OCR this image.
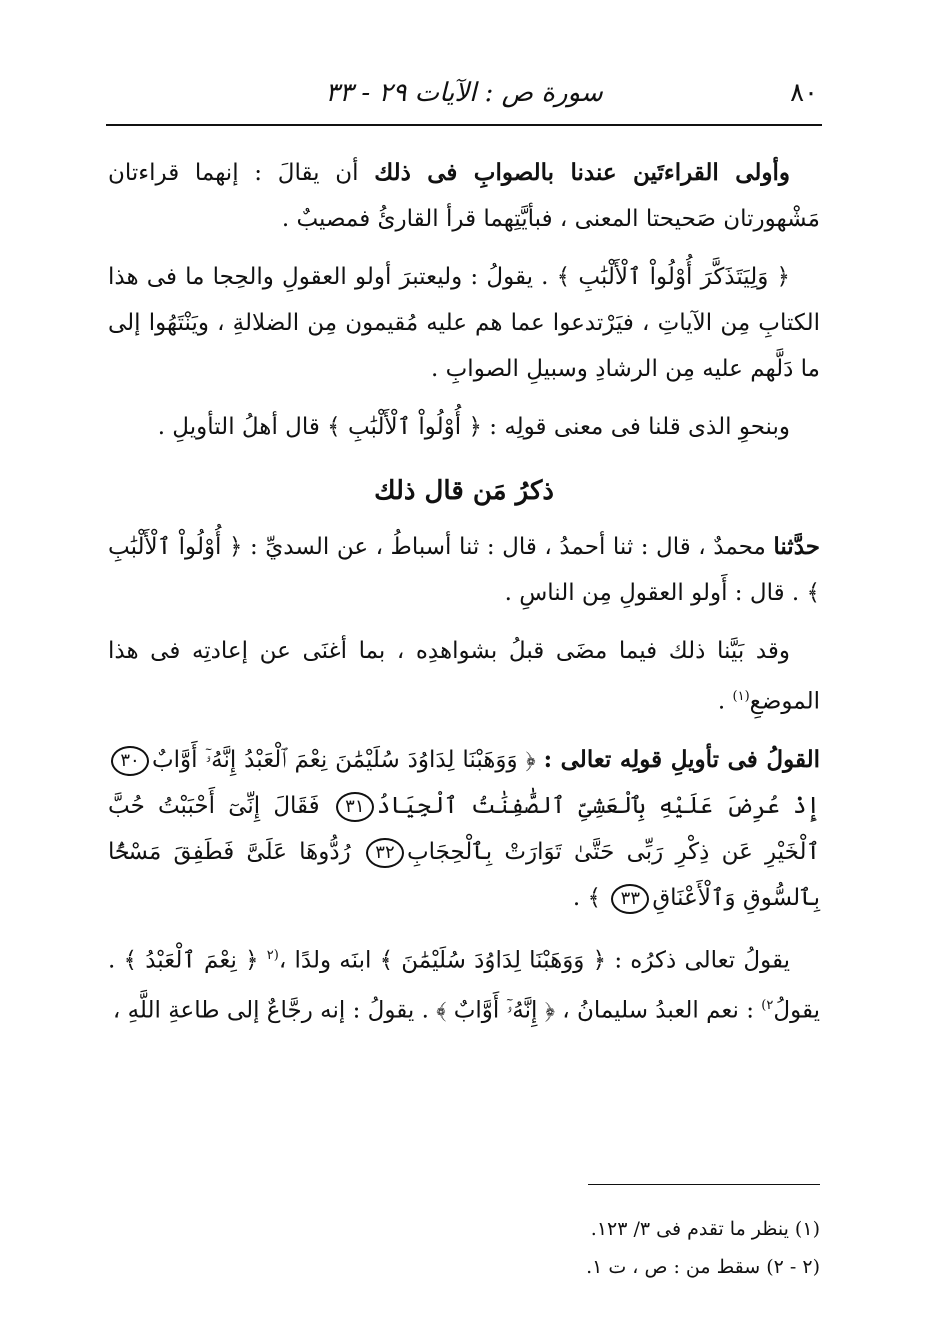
٨٠
سورة ص : الآيات ٢٩ - ٣٣

وأولى القراءتَين عندنا بالصوابِ فى ذلك أن يقالَ : إنهما قراءتان مَشْهورتان صَحيحتا المعنى ، فبأيَّتِهما قرأ القارئُ فمصيبٌ .

﴿ وَلِيَتَذَكَّرَ أُوْلُواْ ٱلْأَلْبَٰبِ ﴾ . يقولُ : وليعتبرَ أولو العقولِ والحِجا ما فى هذا الكتابِ مِن الآياتِ ، فيَرْتدعوا عما هم عليه مُقيمون مِن الضلالةِ ، ويَنْتَهُوا إلى ما دَلَّهم عليه مِن الرشادِ وسبيلِ الصوابِ .

وبنحوِ الذى قلنا فى معنى قولِه : ﴿ أُوْلُواْ ٱلْأَلْبَٰبِ ﴾ قال أهلُ التأويلِ .

ذكرُ مَن قال ذلك

حدَّثنا محمدٌ ، قال : ثنا أحمدُ ، قال : ثنا أسباطُ ، عن السديِّ : ﴿ أُوْلُواْ ٱلْأَلْبَٰبِ ﴾ . قال : أَولو العقولِ مِن الناسِ .

وقد بَيَّنا ذلك فيما مضَى قبلُ بشواهدِه ، بما أغنَى عن إعادتِه فى هذا الموضعِ$^{(١)}$ .

القولُ فى تأويلِ قولِه تعالى : ﴿ وَوَهَبْنَا لِدَاوُدَ سُلَيْمَٰنَ نِعْمَ ٱلْعَبْدُ إِنَّهُۥٓ أَوَّابٌ٣٠ إِذْ عُرِضَ عَلَيْهِ بِٱلْعَشِىِّ ٱلصَّٰفِنَٰتُ ٱلْجِيَادُ٣١ فَقَالَ إِنِّىٓ أَحْبَبْتُ حُبَّ ٱلْخَيْرِ عَن ذِكْرِ رَبِّى حَتَّىٰ تَوَارَتْ بِٱلْحِجَابِ٣٢ رُدُّوهَا عَلَىَّ فَطَفِقَ مَسْحًۢا بِٱلسُّوقِ وَٱلْأَعْنَاقِ٣٣ ﴾ .

يقولُ تعالى ذكرُه : ﴿ وَوَهَبْنَا لِدَاوُدَ سُلَيْمَٰنَ ﴾ ابنَه ولدًا ،$^{(٢}$ ﴿ نِعْمَ ٱلْعَبْدُ ﴾ . يقولُ$^{٢)}$ : نعم العبدُ سليمانُ ، ﴿ إِنَّهُۥٓ أَوَّابٌ ﴾ . يقولُ : إنه رجَّاعٌ إلى طاعةِ اللَّهِ ،

(١) ينظر ما تقدم فى ٣/ ١٢٣.

(٢ - ٢) سقط من : ص ، ت ١.
